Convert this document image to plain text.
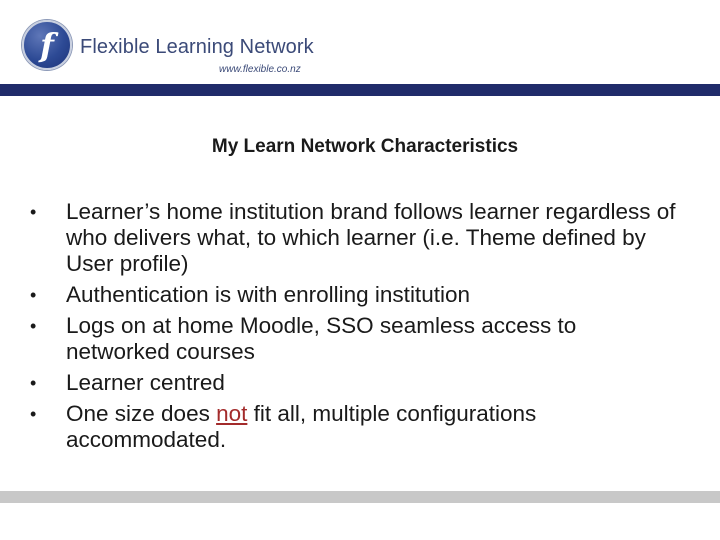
f	Flexible Learning Network
www.flexible.co.nz
My Learn Network Characteristics
• Learner’s home institution brand follows learner regardless of who delivers what, to which learner (i.e. Theme defined by User profile)
• Authentication is with enrolling institution
• Logs on at home Moodle, SSO seamless access to networked courses
• Learner centred
• One size does not fit all, multiple configurations accommodated.
